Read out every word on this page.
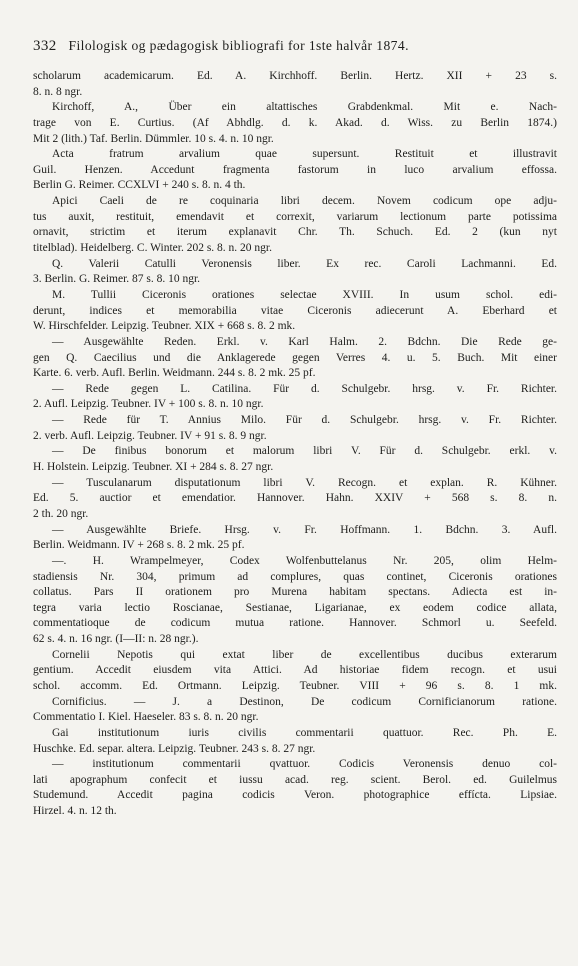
332 Filologisk og pædagogisk bibliografi for 1ste halvår 1874.
scholarum academicarum. Ed. A. Kirchhoff. Berlin. Hertz. XII + 23 s.
8. n. 8 ngr.
Kirchoff, A., Über ein altattisches Grabdenkmal. Mit e. Nach-
trage von E. Curtius. (Af Abhdlg. d. k. Akad. d. Wiss. zu Berlin 1874.)
Mit 2 (lith.) Taf. Berlin. Dümmler. 10 s. 4. n. 10 ngr.
Acta fratrum arvalium quae supersunt. Restituit et illustravit
Guil. Henzen. Accedunt fragmenta fastorum in luco arvalium effossa.
Berlin G. Reimer. CCXLVI + 240 s. 8. n. 4 th.
Apici Caeli de re coquinaria libri decem. Novem codicum ope adju-
tus auxit, restituit, emendavit et correxit, variarum lectionum parte potissima
ornavit, strictim et iterum explanavit Chr. Th. Schuch. Ed. 2 (kun nyt
titelblad). Heidelberg. C. Winter. 202 s. 8. n. 20 ngr.
Q. Valerii Catulli Veronensis liber. Ex rec. Caroli Lachmanni. Ed.
3. Berlin. G. Reimer. 87 s. 8. 10 ngr.
M. Tullii Ciceronis orationes selectae XVIII. In usum schol. edi-
derunt, indices et memorabilia vitae Ciceronis adiecerunt A. Eberhard et
W. Hirschfelder. Leipzig. Teubner. XIX + 668 s. 8. 2 mk.
— Ausgewählte Reden. Erkl. v. Karl Halm. 2. Bdchn. Die Rede ge-
gen Q. Caecilius und die Anklagerede gegen Verres 4. u. 5. Buch. Mit einer
Karte. 6. verb. Aufl. Berlin. Weidmann. 244 s. 8. 2 mk. 25 pf.
— Rede gegen L. Catilina. Für d. Schulgebr. hrsg. v. Fr. Richter.
2. Aufl. Leipzig. Teubner. IV + 100 s. 8. n. 10 ngr.
— Rede für T. Annius Milo. Für d. Schulgebr. hrsg. v. Fr. Richter.
2. verb. Aufl. Leipzig. Teubner. IV + 91 s. 8. 9 ngr.
— De finibus bonorum et malorum libri V. Für d. Schulgebr. erkl. v.
H. Holstein. Leipzig. Teubner. XI + 284 s. 8. 27 ngr.
— Tusculanarum disputationum libri V. Recogn. et explan. R. Kühner.
Ed. 5. auctior et emendatior. Hannover. Hahn. XXIV + 568 s. 8. n.
2 th. 20 ngr.
— Ausgewählte Briefe. Hrsg. v. Fr. Hoffmann. 1. Bdchn. 3. Aufl.
Berlin. Weidmann. IV + 268 s. 8. 2 mk. 25 pf.
—. H. Wrampelmeyer, Codex Wolfenbuttelanus Nr. 205, olim Helm-
stadiensis Nr. 304, primum ad complures, quas continet, Ciceronis orationes
collatus. Pars II orationem pro Murena habitam spectans. Adiecta est in-
tegra varia lectio Roscianae, Sestianae, Ligarianae, ex eodem codice allata,
commentatioque de codicum mutua ratione. Hannover. Schmorl u. Seefeld.
62 s. 4. n. 16 ngr. (I—II: n. 28 ngr.).
Cornelii Nepotis qui extat liber de excellentibus ducibus exterarum
gentium. Accedit eiusdem vita Attici. Ad historiae fidem recogn. et usui
schol. accomm. Ed. Ortmann. Leipzig. Teubner. VIII + 96 s. 8. 1 mk.
Cornificius. — J. a Destinon, De codicum Cornificianorum ratione.
Commentatio I. Kiel. Haeseler. 83 s. 8. n. 20 ngr.
Gai institutionum iuris civilis commentarii quattuor. Rec. Ph. E.
Huschke. Ed. separ. altera. Leipzig. Teubner. 243 s. 8. 27 ngr.
— institutionum commentarii qvattuor. Codicis Veronensis denuo col-
lati apographum confecit et iussu acad. reg. scient. Berol. ed. Guilelmus
Studemund. Accedit pagina codicis Veron. photographice effícta. Lipsiae.
Hirzel. 4. n. 12 th.
